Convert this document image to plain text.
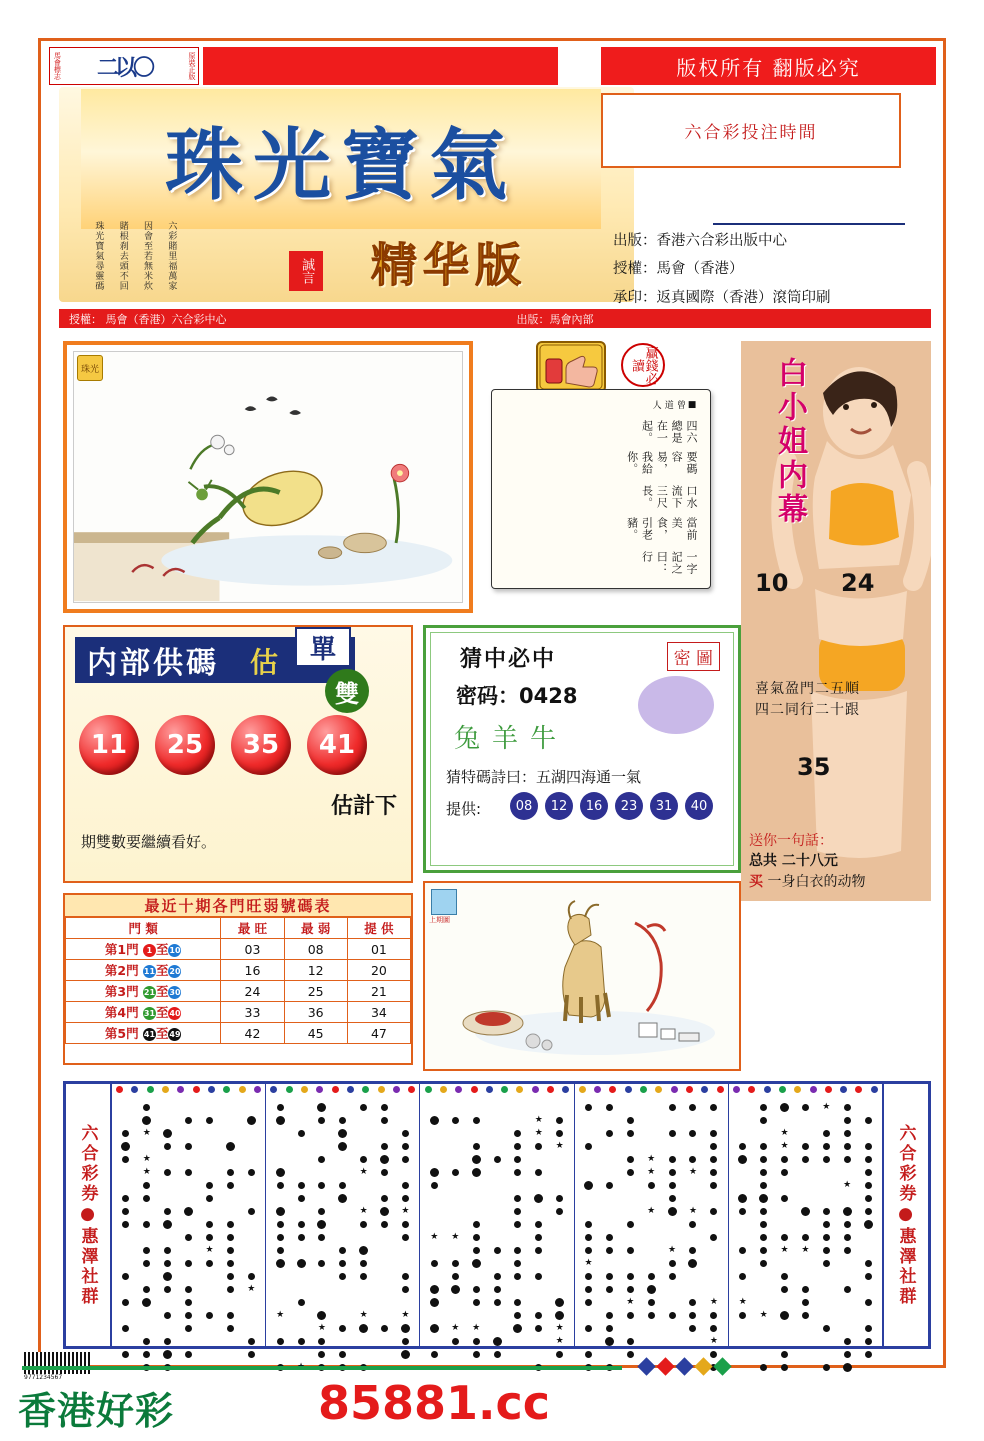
馬會標志 二以〇	原裝正版	版权所有 翻版必究
珠光寶氣
精华版
珠光寶氣尋靈碼 賭根刹去頭不回 因會至若無米炊 六彩賭里福萬家	誠言
六合彩投注時間
出版：香港六合彩出版中心
授權：馬會（香港）
承印：返真國際（香港）滾筒印刷
授權： 馬會（香港）六合彩中心	出版：馬會內部
珠光	贏錢必讀
一字記之曰：行
當前美食，引老豬。
口水流下三尺長。
要碼容易，我給你。
四六總是在一起。
■ 曾道人	白小姐内幕
10 24
35
喜氣盈門二五順
四二同行二十跟
送你一句話：
总共 二十八元
买 一身白衣的动物
内部供碼 估	單
雙
11	25	35	41
估計下
期雙數要繼續看好。
猜中必中	密 圖
密码：0428
兔羊牛
猜特碼詩曰：五湖四海通一氣
提供:	08	12	16	23	31	40
最近十期各門旺弱號碼表
門 類	最 旺	最 弱	提 供
第1門 1 至10	03	08	01
第2門 11至20	16	12	20
第3門 21至30	24	25	21
第4門 31至40	33	36	34
第5門 41至49	42	45	47
上期圖
六合彩券●惠澤社群	★
★
★
★
★
★
★	★
★	★	★
★
★
★
★
★	★
★	★	★
★
★
★	★
★	★
★
★
★	★
★
★
★
★
★
★	★
★
★
六合彩券●惠澤社群
9771234567
香港好彩	85881.cc
